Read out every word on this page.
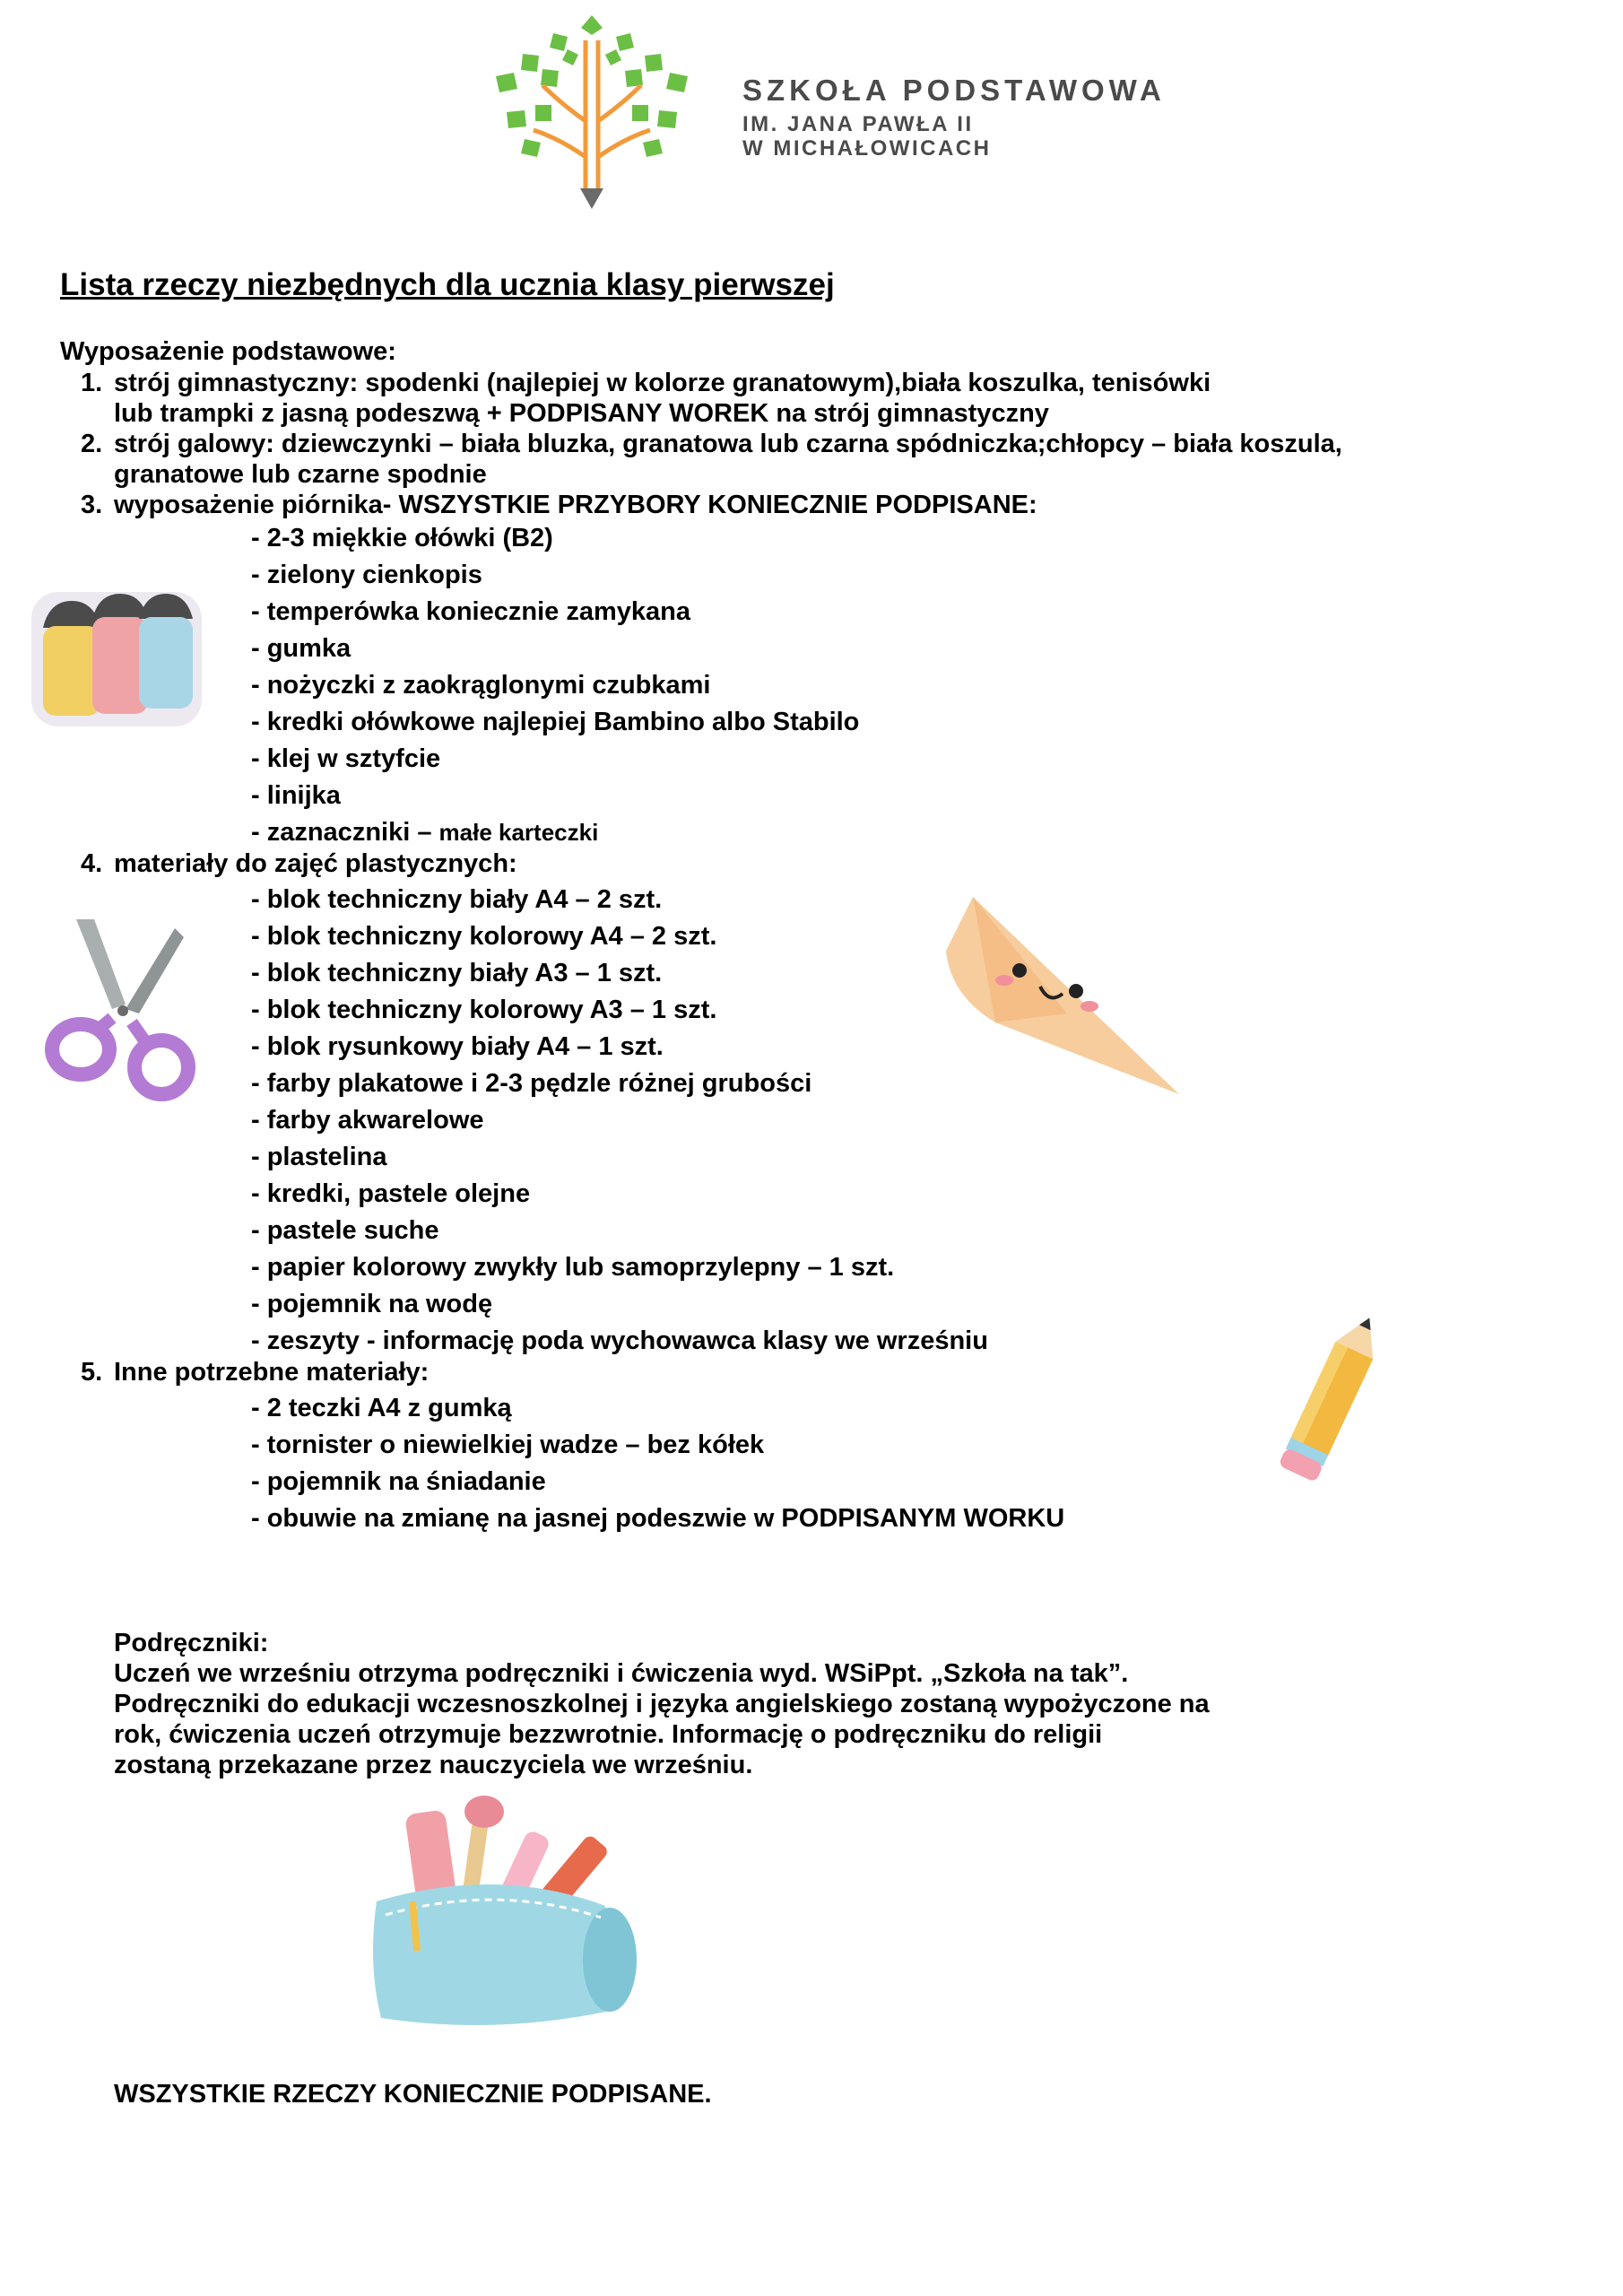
SZKOŁA PODSTAWOWA
IM. JANA PAWŁA II
W MICHAŁOWICACH
Lista rzeczy niezbędnych dla ucznia klasy pierwszej
Wyposażenie podstawowe:
1. strój gimnastyczny: spodenki (najlepiej w kolorze granatowym),biała koszulka, tenisówki
lub trampki z jasną podeszwą + PODPISANY WOREK na strój gimnastyczny
2. strój galowy: dziewczynki – biała bluzka, granatowa lub czarna spódniczka;chłopcy – biała koszula,
granatowe lub czarne spodnie
3. wyposażenie piórnika- WSZYSTKIE PRZYBORY KONIECZNIE PODPISANE:
- 2-3 miękkie ołówki (B2)
- zielony cienkopis
- temperówka koniecznie zamykana
- gumka
- nożyczki z zaokrąglonymi czubkami
- kredki ołówkowe najlepiej Bambino albo Stabilo
- klej w sztyfcie
- linijka
- zaznaczniki – małe karteczki
4. materiały do zajęć plastycznych:
- blok techniczny biały A4 – 2 szt.
- blok techniczny kolorowy A4 – 2 szt.
- blok techniczny biały A3 – 1 szt.
- blok techniczny kolorowy A3 – 1 szt.
- blok rysunkowy biały A4 – 1 szt.
- farby plakatowe i 2-3 pędzle różnej grubości
- farby akwarelowe
- plastelina
- kredki, pastele olejne
- pastele suche
- papier kolorowy zwykły lub samoprzylepny – 1 szt.
- pojemnik na wodę
- zeszyty - informację poda wychowawca klasy we wrześniu
5. Inne potrzebne materiały:
- 2 teczki A4 z gumką
- tornister o niewielkiej wadze – bez kółek
- pojemnik na śniadanie
- obuwie na zmianę na jasnej podeszwie w PODPISANYM WORKU
Podręczniki:
Uczeń we wrześniu otrzyma podręczniki i ćwiczenia wyd. WSiPpt. „Szkoła na tak”.
Podręczniki do edukacji wczesnoszkolnej i języka angielskiego zostaną wypożyczone na
rok, ćwiczenia uczeń otrzymuje bezzwrotnie. Informację o podręczniku do religii
zostaną przekazane przez nauczyciela we wrześniu.
WSZYSTKIE RZECZY KONIECZNIE PODPISANE.
